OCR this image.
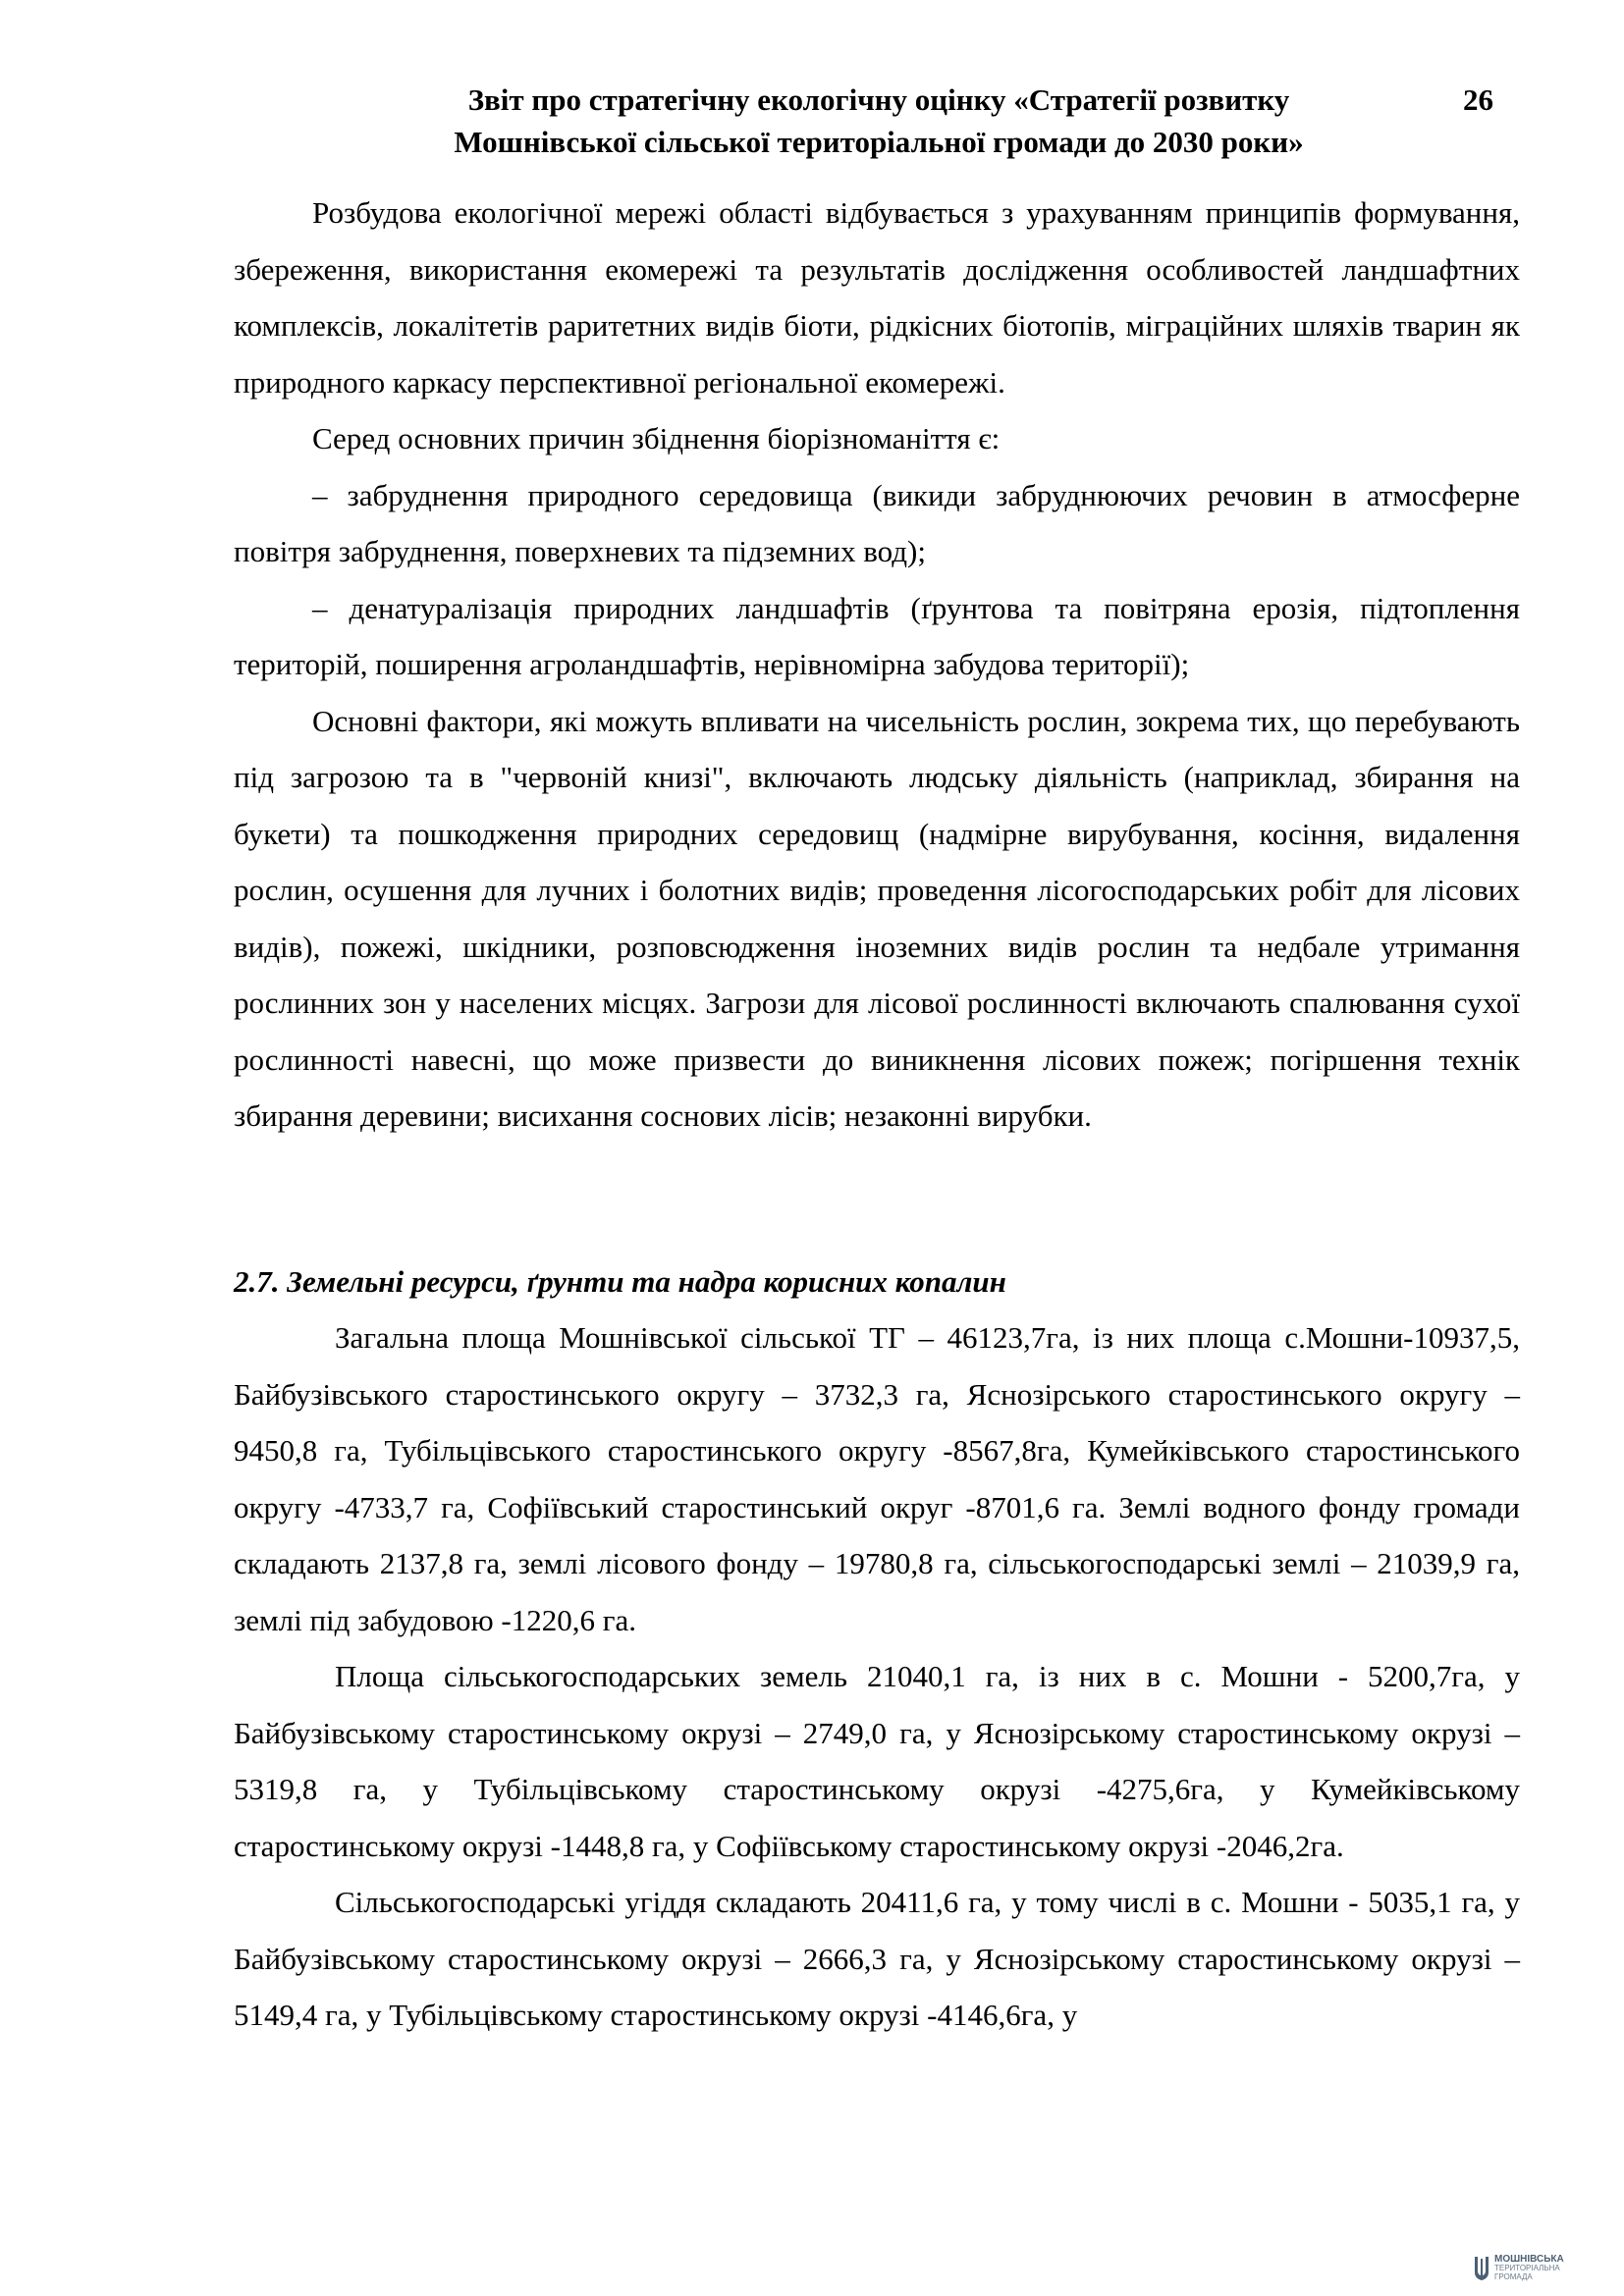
Звіт про стратегічну екологічну оцінку «Стратегії розвитку
Мошнівської сільської територіальної громади до 2030 роки»
26

Розбудова екологічної мережі області відбувається з урахуванням принципів формування, збереження, використання екомережі та результатів дослідження особливостей ландшафтних комплексів, локалітетів раритетних видів біоти, рідкісних біотопів, міграційних шляхів тварин як природного каркасу перспективної регіональної екомережі.

Серед основних причин збіднення біорізноманіття є:

– забруднення природного середовища (викиди забруднюючих речовин в атмосферне повітря забруднення, поверхневих та підземних вод);

– денатуралізація природних ландшафтів (ґрунтова та повітряна ерозія, підтоплення територій, поширення агроландшафтів, нерівномірна забудова території);

Основні фактори, які можуть впливати на чисельність рослин, зокрема тих, що перебувають під загрозою та в "червоній книзі", включають людську діяльність (наприклад, збирання на букети) та пошкодження природних середовищ (надмірне вирубування, косіння, видалення рослин, осушення для лучних і болотних видів; проведення лісогосподарських робіт для лісових видів), пожежі, шкідники, розповсюдження іноземних видів рослин та недбале утримання рослинних зон у населених місцях. Загрози для лісової рослинності включають спалювання сухої рослинності навесні, що може призвести до виникнення лісових пожеж; погіршення технік збирання деревини; висихання соснових лісів; незаконні вирубки.

2.7. Земельні ресурси, ґрунти та надра корисних копалин

Загальна площа Мошнівської сільської ТГ – 46123,7га, із них площа с.Мошни-10937,5, Байбузівського старостинського округу – 3732,3 га, Яснозірського старостинського округу – 9450,8 га, Тубільцівського старостинського округу -8567,8га, Кумейківського старостинського округу -4733,7 га, Софіївський старостинський округ -8701,6 га. Землі водного фонду громади складають 2137,8 га, землі лісового фонду – 19780,8 га, сільськогосподарські землі – 21039,9 га, землі під забудовою -1220,6 га.

Площа сільськогосподарських земель 21040,1 га, із них в с. Мошни - 5200,7га, у Байбузівському старостинському окрузі – 2749,0 га, у Яснозірському старостинському окрузі – 5319,8 га, у Тубільцівському старостинському окрузі -4275,6га, у Кумейківському старостинському окрузі -1448,8 га, у Софіївському старостинському окрузі -2046,2га.

Сільськогосподарські угіддя складають 20411,6 га, у тому числі в с. Мошни - 5035,1 га, у Байбузівському старостинському окрузі – 2666,3 га, у Яснозірському старостинському окрузі – 5149,4 га, у Тубільцівському старостинському окрузі -4146,6га, у

МОШНІВСЬКА
ТЕРИТОРІАЛЬНА
ГРОМАДА
